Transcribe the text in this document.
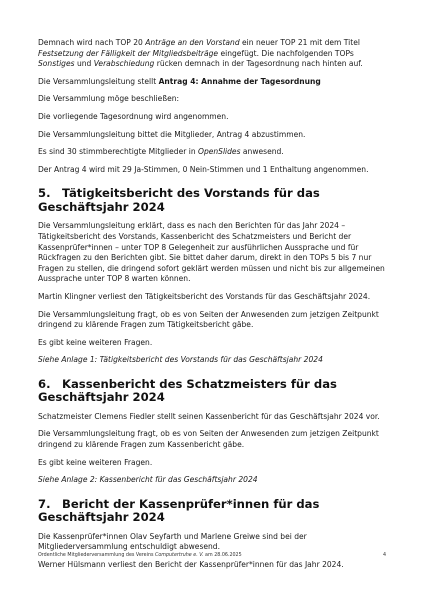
Demnach wird nach TOP 20 Anträge an den Vorstand ein neuer TOP 21 mit dem Titel Festsetzung der Fälligkeit der Mitgliedsbeiträge eingefügt. Die nachfolgenden TOPs Sonstiges und Verabschiedung rücken demnach in der Tagesordnung nach hinten auf.

Die Versammlungsleitung stellt Antrag 4: Annahme der Tagesordnung

Die Versammlung möge beschließen:

Die vorliegende Tagesordnung wird angenommen.

Die Versammlungsleitung bittet die Mitglieder, Antrag 4 abzustimmen.

Es sind 30 stimmberechtigte Mitglieder in OpenSlides anwesend.

Der Antrag 4 wird mit 29 Ja-Stimmen, 0 Nein-Stimmen und 1 Enthaltung angenommen.

5. Tätigkeitsbericht des Vorstands für das Geschäftsjahr 2024

Die Versammlungsleitung erklärt, dass es nach den Berichten für das Jahr 2024 – Tätigkeitsbericht des Vorstands, Kassenbericht des Schatzmeisters und Bericht der Kassenprüfer*innen – unter TOP 8 Gelegenheit zur ausführlichen Aussprache und für Rückfragen zu den Berichten gibt. Sie bittet daher darum, direkt in den TOPs 5 bis 7 nur Fragen zu stellen, die dringend sofort geklärt werden müssen und nicht bis zur allgemeinen Aussprache unter TOP 8 warten können.

Martin Klingner verliest den Tätigkeitsbericht des Vorstands für das Geschäftsjahr 2024.

Die Versammlungsleitung fragt, ob es von Seiten der Anwesenden zum jetzigen Zeitpunkt dringend zu klärende Fragen zum Tätigkeitsbericht gäbe.

Es gibt keine weiteren Fragen.

Siehe Anlage 1: Tätigkeitsbericht des Vorstands für das Geschäftsjahr 2024

6. Kassenbericht des Schatzmeisters für das Geschäftsjahr 2024

Schatzmeister Clemens Fiedler stellt seinen Kassenbericht für das Geschäftsjahr 2024 vor.

Die Versammlungsleitung fragt, ob es von Seiten der Anwesenden zum jetzigen Zeitpunkt dringend zu klärende Fragen zum Kassenbericht gäbe.

Es gibt keine weiteren Fragen.

Siehe Anlage 2: Kassenbericht für das Geschäftsjahr 2024

7. Bericht der Kassenprüfer*innen für das Geschäftsjahr 2024

Die Kassenprüfer*innen Olav Seyfarth und Marlene Greiwe sind bei der Mitgliederversammlung entschuldigt abwesend.

Werner Hülsmann verliest den Bericht der Kassenprüfer*innen für das Jahr 2024.

Ordentliche Mitgliederversammlung des Vereins Computertruhe e. V. am 28.06.2025	4
